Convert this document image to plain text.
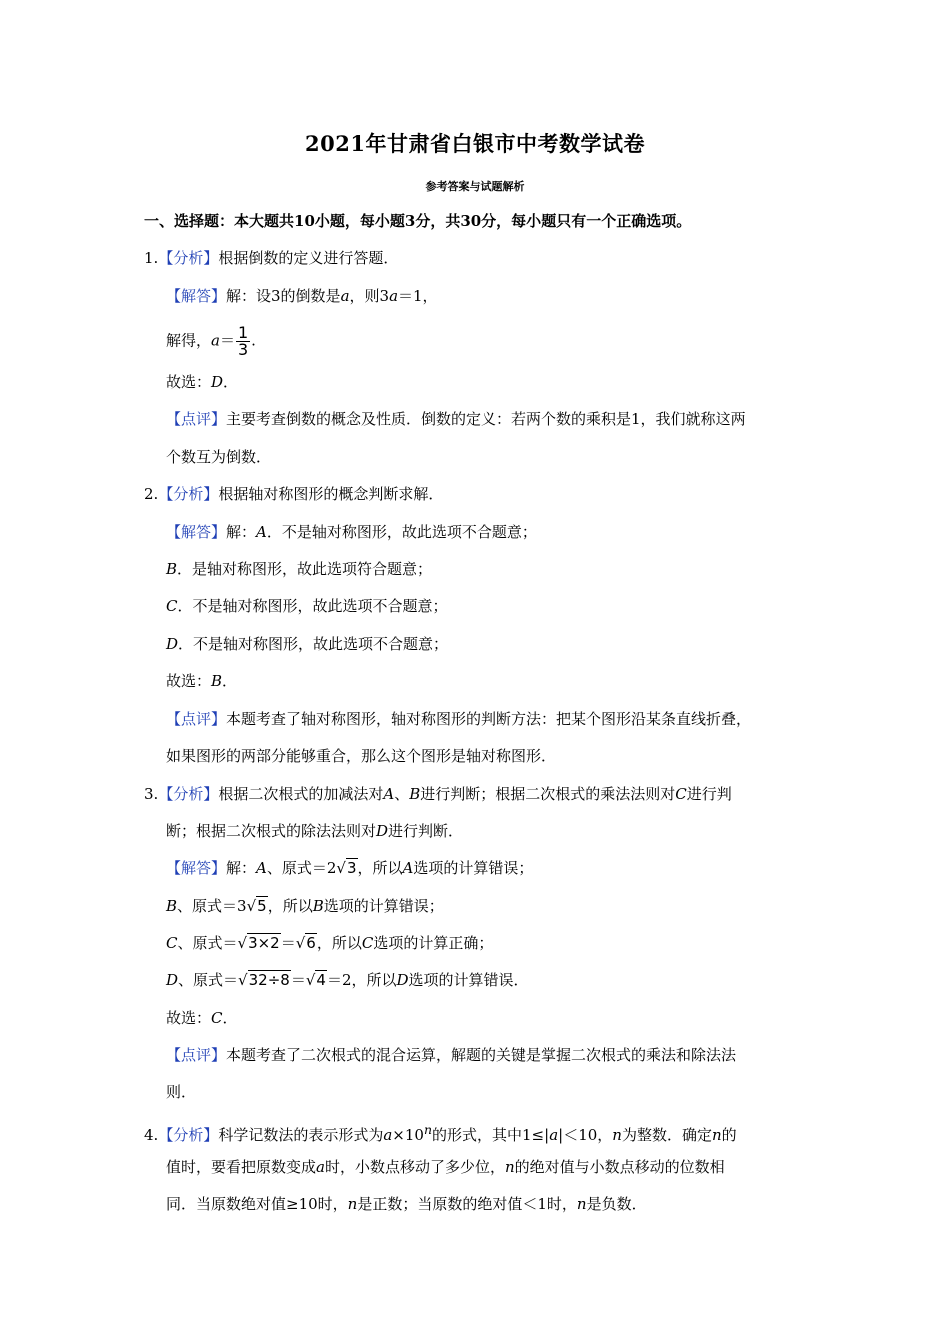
2021年甘肃省白银市中考数学试卷
参考答案与试题解析
一、选择题：本大题共10小题，每小题3分，共30分，每小题只有一个正确选项。
1.【分析】根据倒数的定义进行答题．
【解答】解：设3的倒数是a，则3a＝1，
解得，$a= \frac{1}{3}$ .
故选：D．
【点评】主要考查倒数的概念及性质．倒数的定义：若两个数的乘积是1，我们就称这两
个数互为倒数．
2.【分析】根据轴对称图形的概念判断求解．
【解答】解：A．不是轴对称图形，故此选项不合题意；
B．是轴对称图形，故此选项符合题意；
C．不是轴对称图形，故此选项不合题意；
D．不是轴对称图形，故此选项不合题意；
故选：B．
【点评】本题考查了轴对称图形，轴对称图形的判断方法：把某个图形沿某条直线折叠，
如果图形的两部分能够重合，那么这个图形是轴对称图形．
3.【分析】根据二次根式的加减法对A、B进行判断；根据二次根式的乘法法则对C进行判
断；根据二次根式的除法法则对D进行判断．
【解答】解：A、原式＝2√3，所以A选项的计算错误；
B、原式＝3√5，所以B选项的计算错误；
C、原式＝√3×2＝√6，所以C选项的计算正确；
D、原式＝√32÷8＝√4＝2，所以D选项的计算错误．
故选：C．
【点评】本题考查了二次根式的混合运算，解题的关键是掌握二次根式的乘法和除法法
则．
4.【分析】科学记数法的表示形式为$a\times 10^n$的形式，其中1≤|a|＜10，n为整数．确定n的
值时，要看把原数变成a时，小数点移动了多少位，n的绝对值与小数点移动的位数相
同．当原数绝对值≥10时，n是正数；当原数的绝对值＜1时，n是负数．
